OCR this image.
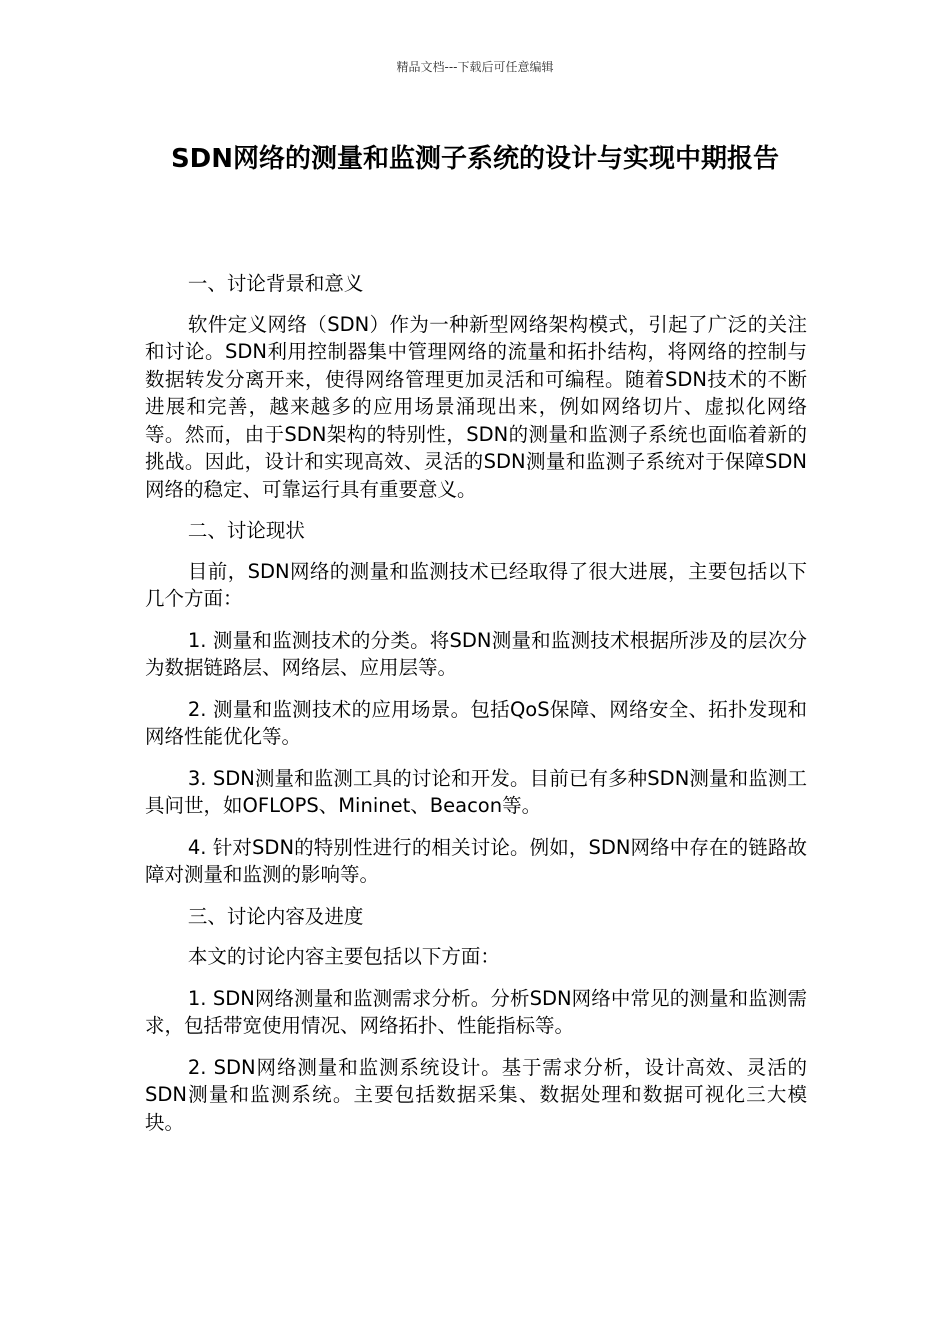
精品文档---下载后可任意编辑
SDN网络的测量和监测子系统的设计与实现中期报告

一、讨论背景和意义

软件定义网络（SDN）作为一种新型网络架构模式，引起了广泛的关注和讨论。SDN利用控制器集中管理网络的流量和拓扑结构，将网络的控制与数据转发分离开来，使得网络管理更加灵活和可编程。随着SDN技术的不断进展和完善，越来越多的应用场景涌现出来，例如网络切片、虚拟化网络等。然而，由于SDN架构的特别性，SDN的测量和监测子系统也面临着新的挑战。因此，设计和实现高效、灵活的SDN测量和监测子系统对于保障SDN网络的稳定、可靠运行具有重要意义。

二、讨论现状

目前，SDN网络的测量和监测技术已经取得了很大进展，主要包括以下几个方面：

1. 测量和监测技术的分类。将SDN测量和监测技术根据所涉及的层次分为数据链路层、网络层、应用层等。

2. 测量和监测技术的应用场景。包括QoS保障、网络安全、拓扑发现和网络性能优化等。

3. SDN测量和监测工具的讨论和开发。目前已有多种SDN测量和监测工具问世，如OFLOPS、Mininet、Beacon等。

4. 针对SDN的特别性进行的相关讨论。例如，SDN网络中存在的链路故障对测量和监测的影响等。

三、讨论内容及进度

本文的讨论内容主要包括以下方面：

1. SDN网络测量和监测需求分析。分析SDN网络中常见的测量和监测需求，包括带宽使用情况、网络拓扑、性能指标等。

2. SDN网络测量和监测系统设计。基于需求分析，设计高效、灵活的SDN测量和监测系统。主要包括数据采集、数据处理和数据可视化三大模块。
